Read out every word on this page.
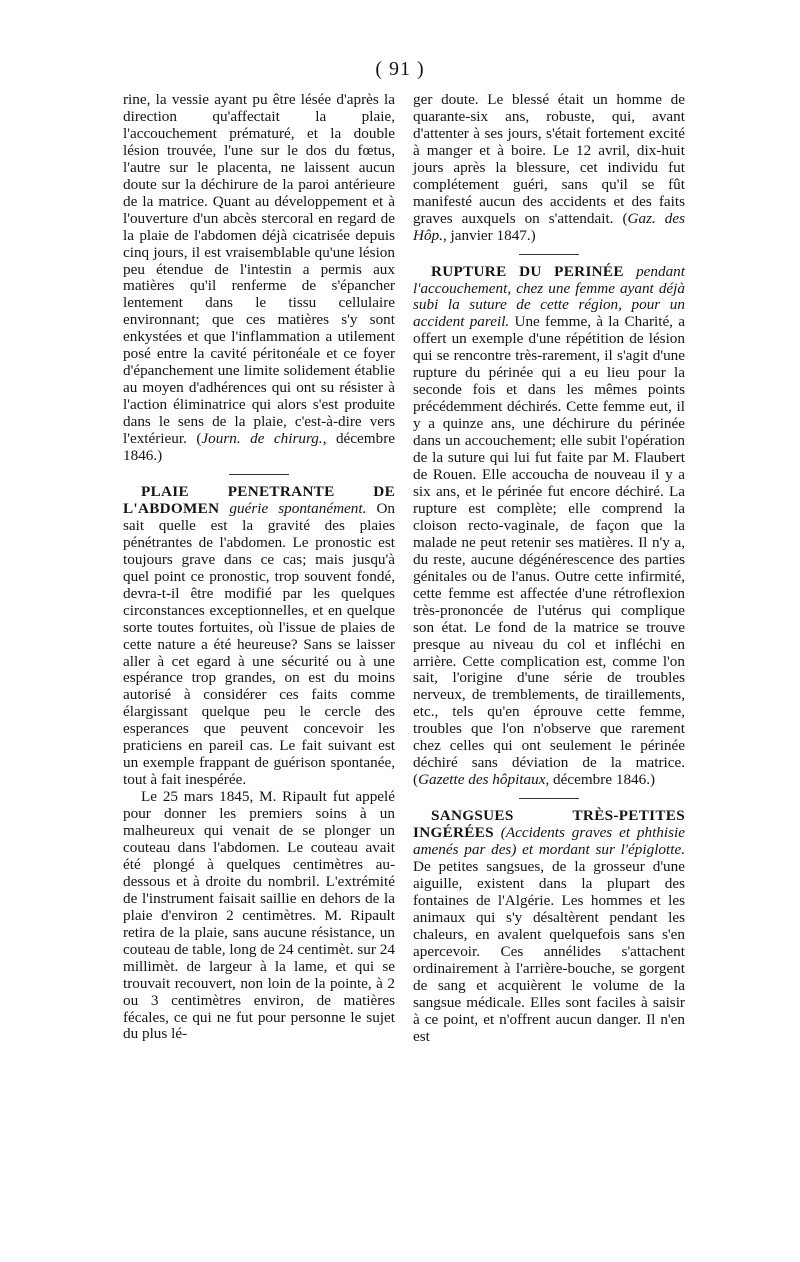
( 91 )

rine, la vessie ayant pu être lésée d'après la direction qu'affectait la plaie, l'accouchement prématuré, et la double lésion trouvée, l'une sur le dos du fœtus, l'autre sur le placenta, ne laissent aucun doute sur la déchirure de la paroi antérieure de la matrice. Quant au développement et à l'ouverture d'un abcès stercoral en regard de la plaie de l'abdomen déjà cicatrisée depuis cinq jours, il est vraisemblable qu'une lésion peu étendue de l'intestin a permis aux matières qu'il renferme de s'épancher lentement dans le tissu cellulaire environnant; que ces matières s'y sont enkystées et que l'inflammation a utilement posé entre la cavité péritonéale et ce foyer d'épanchement une limite solidement établie au moyen d'adhérences qui ont su résister à l'action éliminatrice qui alors s'est produite dans le sens de la plaie, c'est-à-dire vers l'extérieur. (Journ. de chirurg., décembre 1846.)

PLAIE PENETRANTE DE L'ABDOMEN guérie spontanément. On sait quelle est la gravité des plaies pénétrantes de l'abdomen. Le pronostic est toujours grave dans ce cas; mais jusqu'à quel point ce pronostic, trop souvent fondé, devra-t-il être modifié par les quelques circonstances exceptionnelles, et en quelque sorte toutes fortuites, où l'issue de plaies de cette nature a été heureuse? Sans se laisser aller à cet egard à une sécurité ou à une espérance trop grandes, on est du moins autorisé à considérer ces faits comme élargissant quelque peu le cercle des esperances que peuvent concevoir les praticiens en pareil cas. Le fait suivant est un exemple frappant de guérison spontanée, tout à fait inespérée.

Le 25 mars 1845, M. Ripault fut appelé pour donner les premiers soins à un malheureux qui venait de se plonger un couteau dans l'abdomen. Le couteau avait été plongé à quelques centimètres au-dessous et à droite du nombril. L'extrémité de l'instrument faisait saillie en dehors de la plaie d'environ 2 centimètres. M. Ripault retira de la plaie, sans aucune résistance, un couteau de table, long de 24 centimèt. sur 24 millimèt. de largeur à la lame, et qui se trouvait recouvert, non loin de la pointe, à 2 ou 3 centimètres environ, de matières fécales, ce qui ne fut pour personne le sujet du plus lé-

ger doute. Le blessé était un homme de quarante-six ans, robuste, qui, avant d'attenter à ses jours, s'était fortement excité à manger et à boire. Le 12 avril, dix-huit jours après la blessure, cet individu fut complétement guéri, sans qu'il se fût manifesté aucun des accidents et des faits graves auxquels on s'attendait. (Gaz. des Hôp., janvier 1847.)

RUPTURE DU PERINÉE pendant l'accouchement, chez une femme ayant déjà subi la suture de cette région, pour un accident pareil. Une femme, à la Charité, a offert un exemple d'une répétition de lésion qui se rencontre très-rarement, il s'agit d'une rupture du périnée qui a eu lieu pour la seconde fois et dans les mêmes points précédemment déchirés. Cette femme eut, il y a quinze ans, une déchirure du périnée dans un accouchement; elle subit l'opération de la suture qui lui fut faite par M. Flaubert de Rouen. Elle accoucha de nouveau il y a six ans, et le périnée fut encore déchiré. La rupture est complète; elle comprend la cloison recto-vaginale, de façon que la malade ne peut retenir ses matières. Il n'y a, du reste, aucune dégénérescence des parties génitales ou de l'anus. Outre cette infirmité, cette femme est affectée d'une rétroflexion très-prononcée de l'utérus qui complique son état. Le fond de la matrice se trouve presque au niveau du col et infléchi en arrière. Cette complication est, comme l'on sait, l'origine d'une série de troubles nerveux, de tremblements, de tiraillements, etc., tels qu'en éprouve cette femme, troubles que l'on n'observe que rarement chez celles qui ont seulement le périnée déchiré sans déviation de la matrice. (Gazette des hôpitaux, décembre 1846.)

SANGSUES TRÈS-PETITES INGÉRÉES (Accidents graves et phthisie amenés par des) et mordant sur l'épiglotte. De petites sangsues, de la grosseur d'une aiguille, existent dans la plupart des fontaines de l'Algérie. Les hommes et les animaux qui s'y désaltèrent pendant les chaleurs, en avalent quelquefois sans s'en apercevoir. Ces annélides s'attachent ordinairement à l'arrière-bouche, se gorgent de sang et acquièrent le volume de la sangsue médicale. Elles sont faciles à saisir à ce point, et n'offrent aucun danger. Il n'en est
